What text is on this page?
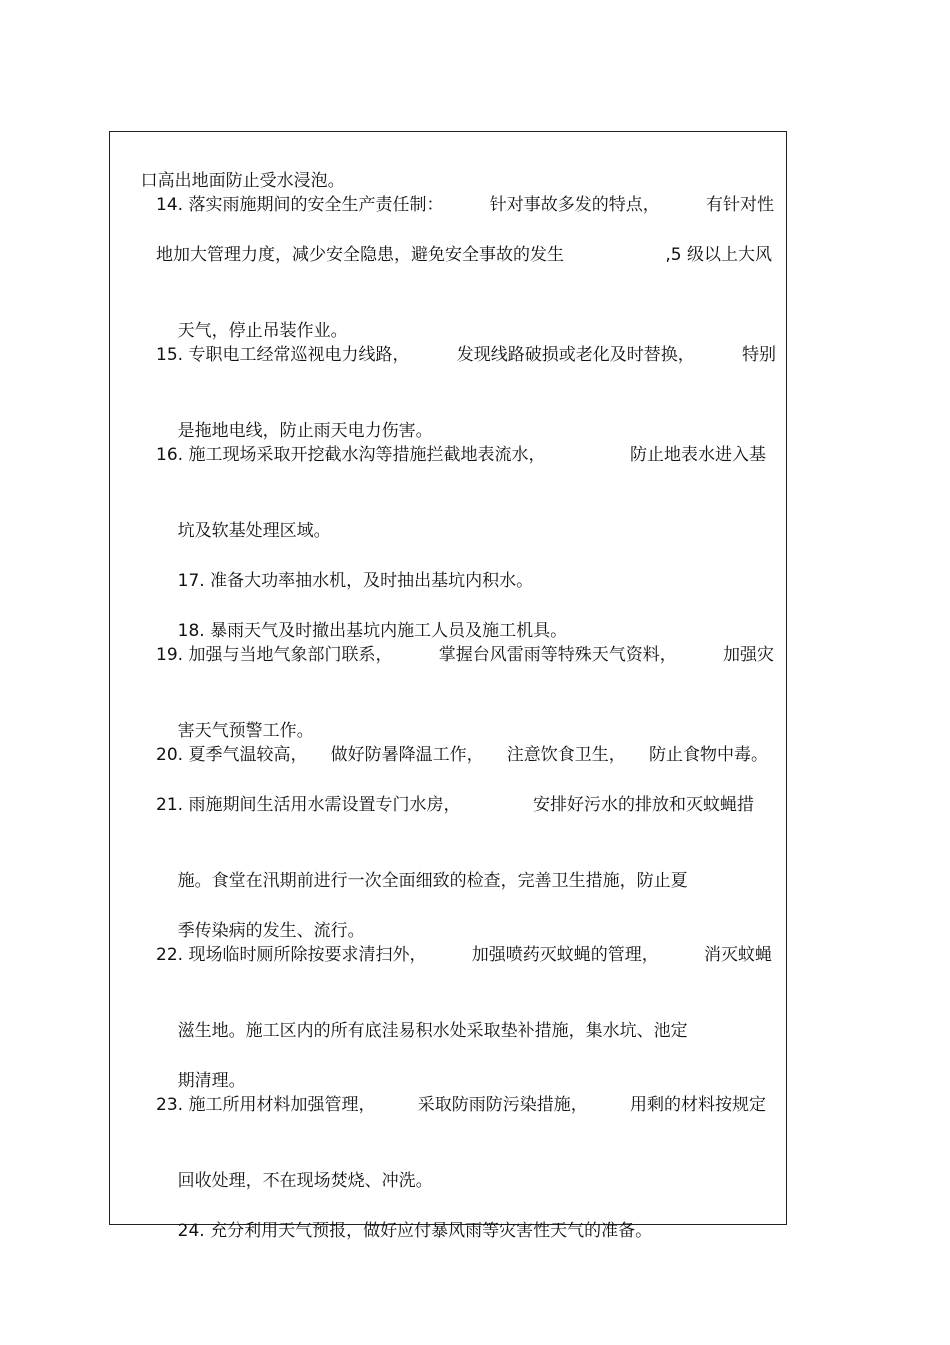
口高出地面防止受水浸泡。

14. 落实雨施期间的安全生产责任制：	针对事故多发的特点，	有针对性
地加大管理力度，减少安全隐患，避免安全事故的发生	,5 级以上大风

天气，停止吊装作业。

15. 专职电工经常巡视电力线路，	发现线路破损或老化及时替换，	特别

是拖地电线，防止雨天电力伤害。

16. 施工现场采取开挖截水沟等措施拦截地表流水，	防止地表水进入基

坑及软基处理区域。

17. 准备大功率抽水机，及时抽出基坑内积水。

18. 暴雨天气及时撤出基坑内施工人员及施工机具。

19. 加强与当地气象部门联系，	掌握台风雷雨等特殊天气资料，	加强灾

害天气预警工作。

20. 夏季气温较高， 做好防暑降温工作， 注意饮食卫生， 防止食物中毒。
21. 雨施期间生活用水需设置专门水房，	安排好污水的排放和灭蚊蝇措

施。食堂在汛期前进行一次全面细致的检查，完善卫生措施，防止夏

季传染病的发生、流行。

22. 现场临时厕所除按要求清扫外，	加强喷药灭蚊蝇的管理，	消灭蚊蝇

滋生地。施工区内的所有底洼易积水处采取垫补措施，集水坑、池定

期清理。

23. 施工所用材料加强管理， 采取防雨防污染措施， 用剩的材料按规定

回收处理，不在现场焚烧、冲洗。

24. 充分利用天气预报，做好应付暴风雨等灾害性天气的准备。
